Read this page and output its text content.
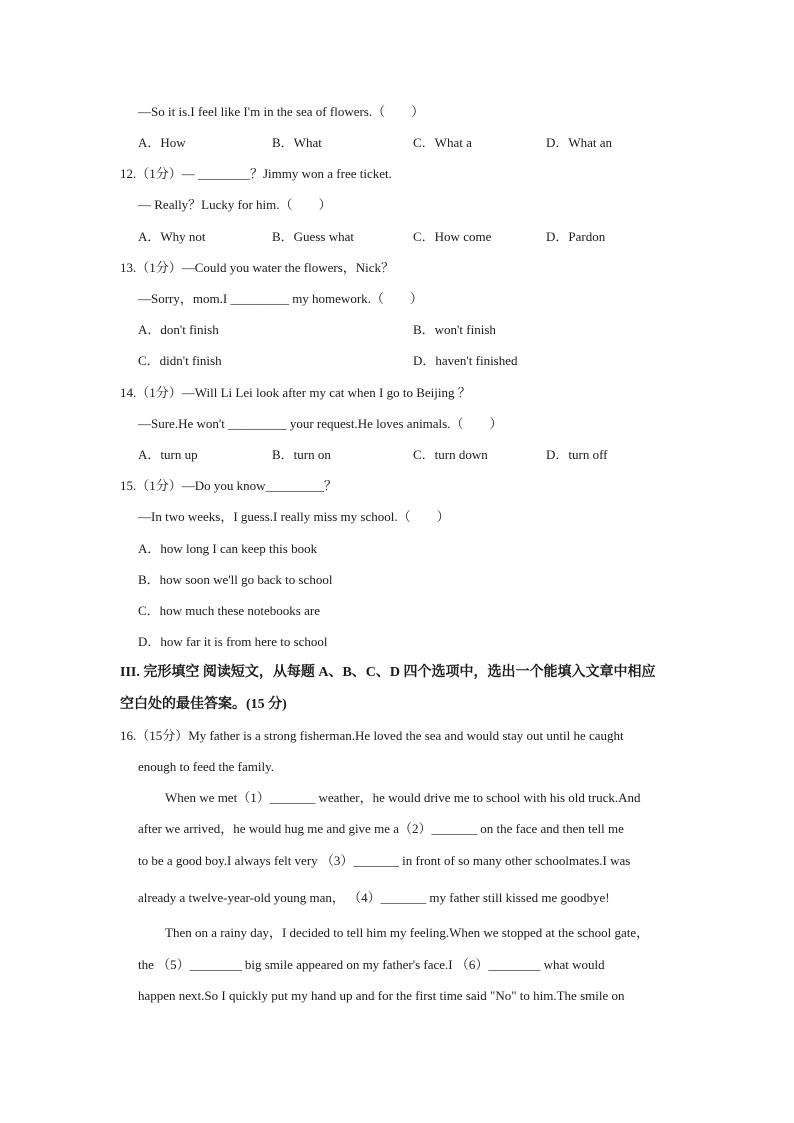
—So it is.I feel like I'm in the sea of flowers.（　　）
A．How	B．What	C．What a	D．What an
12.（1分）— ________？Jimmy won a free ticket.
— Really？Lucky for him.（　　）
A．Why not	B．Guess what	C．How come	D．Pardon
13.（1分）—Could you water the flowers，Nick？
—Sorry，mom.I _________ my homework.（　　）
A．don't finish	B．won't finish
C．didn't finish	D．haven't finished
14.（1分）—Will Li Lei look after my cat when I go to Beijing ？
—Sure.He won't _________ your request.He loves animals.（　　）
A．turn up	B．turn on	C．turn down	D．turn off
15.（1分）—Do you know_________？
—In two weeks，I guess.I really miss my school.（　　）
A．how long I can keep this book
B．how soon we'll go back to school
C．how much these notebooks are
D．how far it is from here to school
III. 完形填空 阅读短文，从每题 A、B、C、D 四个选项中，选出一个能填入文章中相应
空白处的最佳答案。(15 分)
16.（15分）My father is a strong fisherman.He loved the sea and would stay out until he caught
enough to feed the family.
When we met（1）_______ weather，he would drive me to school with his old truck.And
after we arrived，he would hug me and give me a（2）_______ on the face and then tell me
to be a good boy.I always felt very （3）_______ in front of so many other schoolmates.I was
already a twelve-year-old young man， （4）_______ my father still kissed me goodbye!
Then on a rainy day，I decided to tell him my feeling.When we stopped at the school gate，
the （5）________ big smile appeared on my father's face.I （6）________ what would
happen next.So I quickly put my hand up and for the first time said "No" to him.The smile on
